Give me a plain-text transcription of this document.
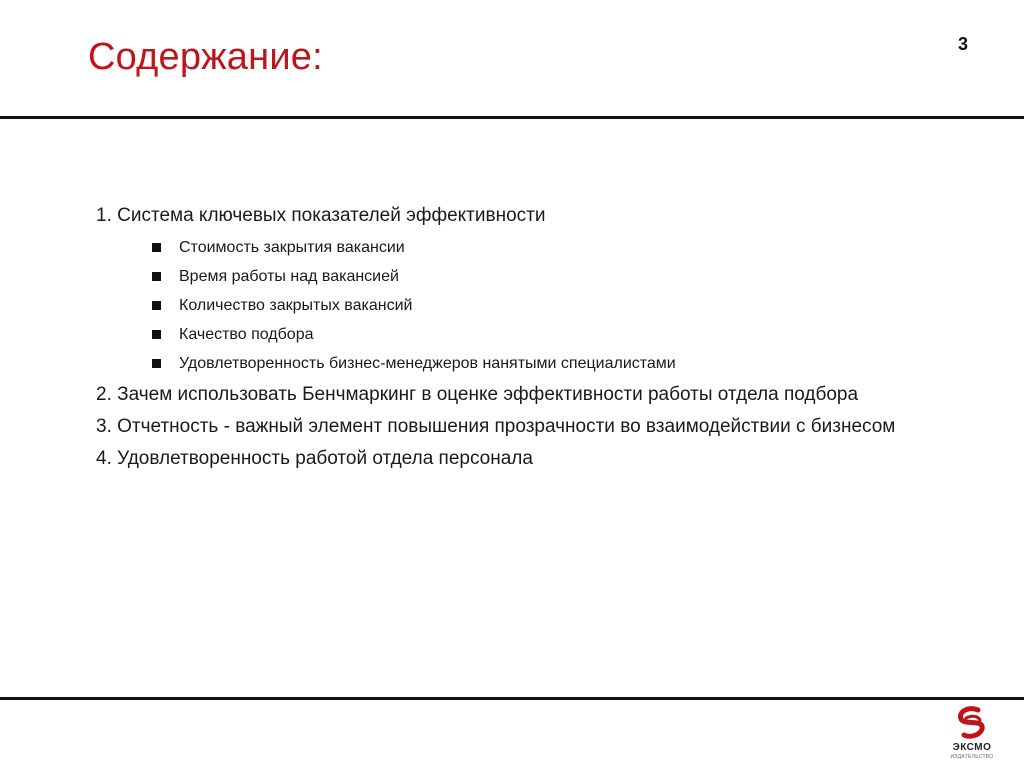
Содержание:	3

1. Система ключевых показателей эффективности

Стоимость закрытия вакансии
Время работы над вакансией
Количество закрытых вакансий
Качество подбора
Удовлетворенность бизнес-менеджеров нанятыми специалистами

2. Зачем использовать Бенчмаркинг в оценке эффективности работы отдела подбора

3. Отчетность - важный элемент повышения прозрачности во взаимодействии с бизнесом

4. Удовлетворенность работой отдела персонала

ЭКСМО
ИЗДАТЕЛЬСТВО
